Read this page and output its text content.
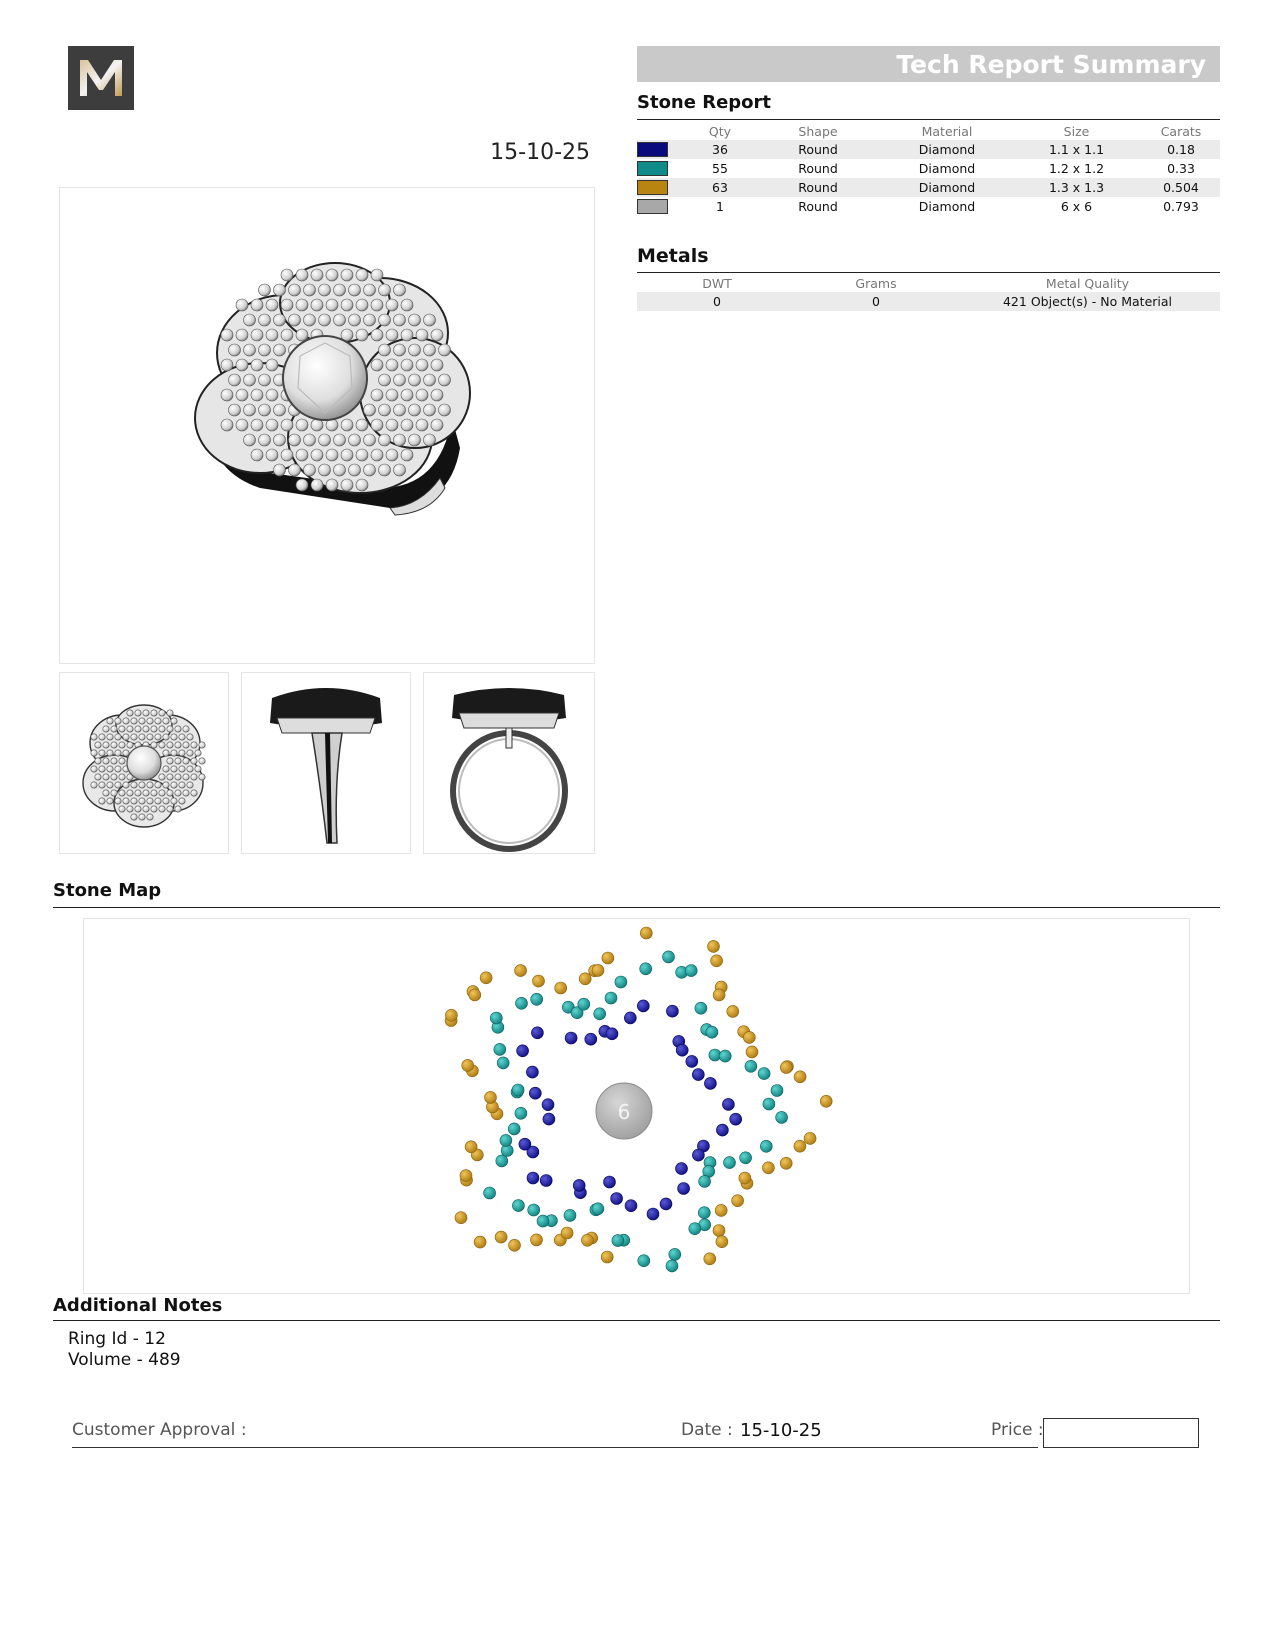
Tech Report Summary
15-10-25
Stone Report
Qty	Shape	Material	Size	Carats
36	Round	Diamond	1.1 x 1.1	0.18
55	Round	Diamond	1.2 x 1.2	0.33
63	Round	Diamond	1.3 x 1.3	0.504
1	Round	Diamond	6 x 6	0.793
Metals
DWT	Grams	Metal Quality
0	0	421 Object(s) - No Material
Stone Map
6
Additional Notes
Ring Id - 12
Volume - 489
Customer Approval :	Date : 15-10-25	Price :
